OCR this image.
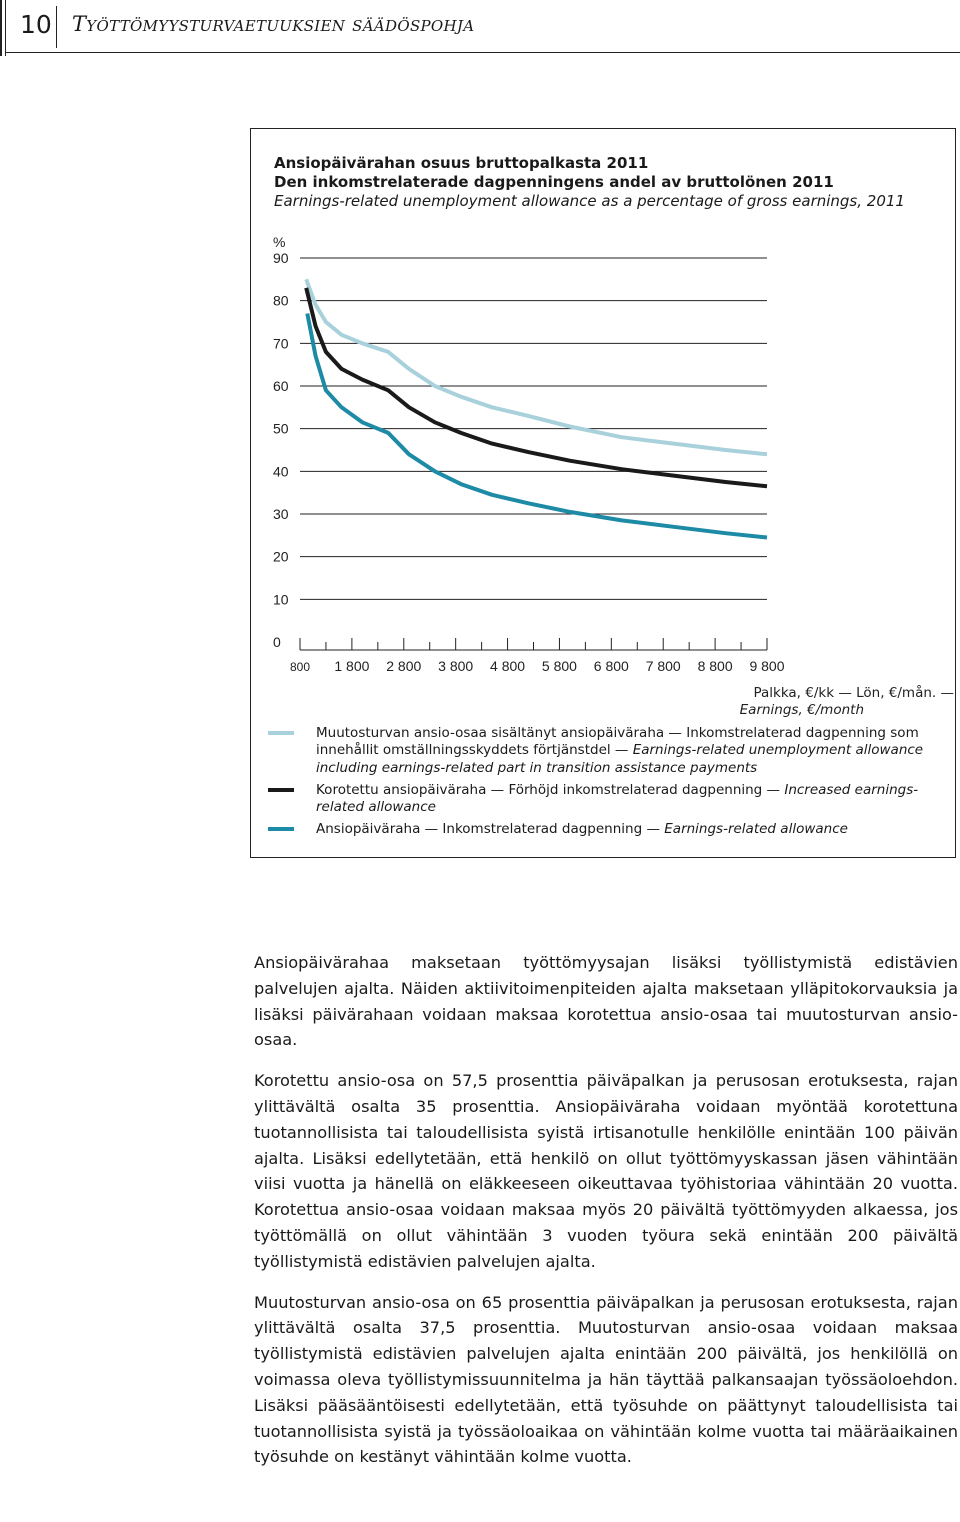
10 Työttömyysturvaetuuksien säädöspohja
Ansiopäivärahan osuus bruttopalkasta 2011
Den inkomstrelaterade dagpenningens andel av bruttolönen 2011
Earnings-related unemployment allowance as a percentage of gross earnings, 2011
%
0
10
20
30
40
50
60
70
80
90
800 1 800 2 800 3 800 4 800 5 800 6 800 7 800 8 800 9 800
Palkka, €/kk — Lön, €/mån. —
Earnings, €/month
Muutosturvan ansio-osaa sisältänyt ansiopäiväraha — Inkomstrelaterad dagpenning som innehållit omställningsskyddets förtjänstdel — Earnings-related unemployment allowance including earnings-related part in transition assistance payments
Korotettu ansiopäiväraha — Förhöjd inkomstrelaterad dagpenning — Increased earnings-related allowance
Ansiopäiväraha — Inkomstrelaterad dagpenning — Earnings-related allowance

Ansiopäivärahaa maksetaan työttömyysajan lisäksi työllistymistä edistävien palvelujen ajalta. Näiden aktiivitoimenpiteiden ajalta maksetaan ylläpitokorvauksia ja lisäksi päivärahaan voidaan maksaa korotettua ansio-osaa tai muutosturvan ansio-osaa.

Korotettu ansio-osa on 57,5 prosenttia päiväpalkan ja perusosan erotuksesta, rajan ylittävältä osalta 35 prosenttia. Ansiopäiväraha voidaan myöntää korotettuna tuotannollisista tai taloudellisista syistä irtisanotulle henkilölle enintään 100 päivän ajalta. Lisäksi edellytetään, että henkilö on ollut työttömyyskassan jäsen vähintään viisi vuotta ja hänellä on eläkkeeseen oikeuttavaa työhistoriaa vähintään 20 vuotta. Korotettua ansio-osaa voidaan maksaa myös 20 päivältä työttömyyden alkaessa, jos työttömällä on ollut vähintään 3 vuoden työura sekä enintään 200 päivältä työllistymistä edistävien palvelujen ajalta.

Muutosturvan ansio-osa on 65 prosenttia päiväpalkan ja perusosan erotuksesta, rajan ylittävältä osalta 37,5 prosenttia. Muutosturvan ansio-osaa voidaan maksaa työllistymistä edistävien palvelujen ajalta enintään 200 päivältä, jos henkilöllä on voimassa oleva työllistymissuunnitelma ja hän täyttää palkansaajan työssäoloehdon. Lisäksi pääsääntöisesti edellytetään, että työsuhde on päättynyt taloudellisista tai tuotannollisista syistä ja työssäoloaikaa on vähintään kolme vuotta tai määräaikainen työsuhde on kestänyt vähintään kolme vuotta.
